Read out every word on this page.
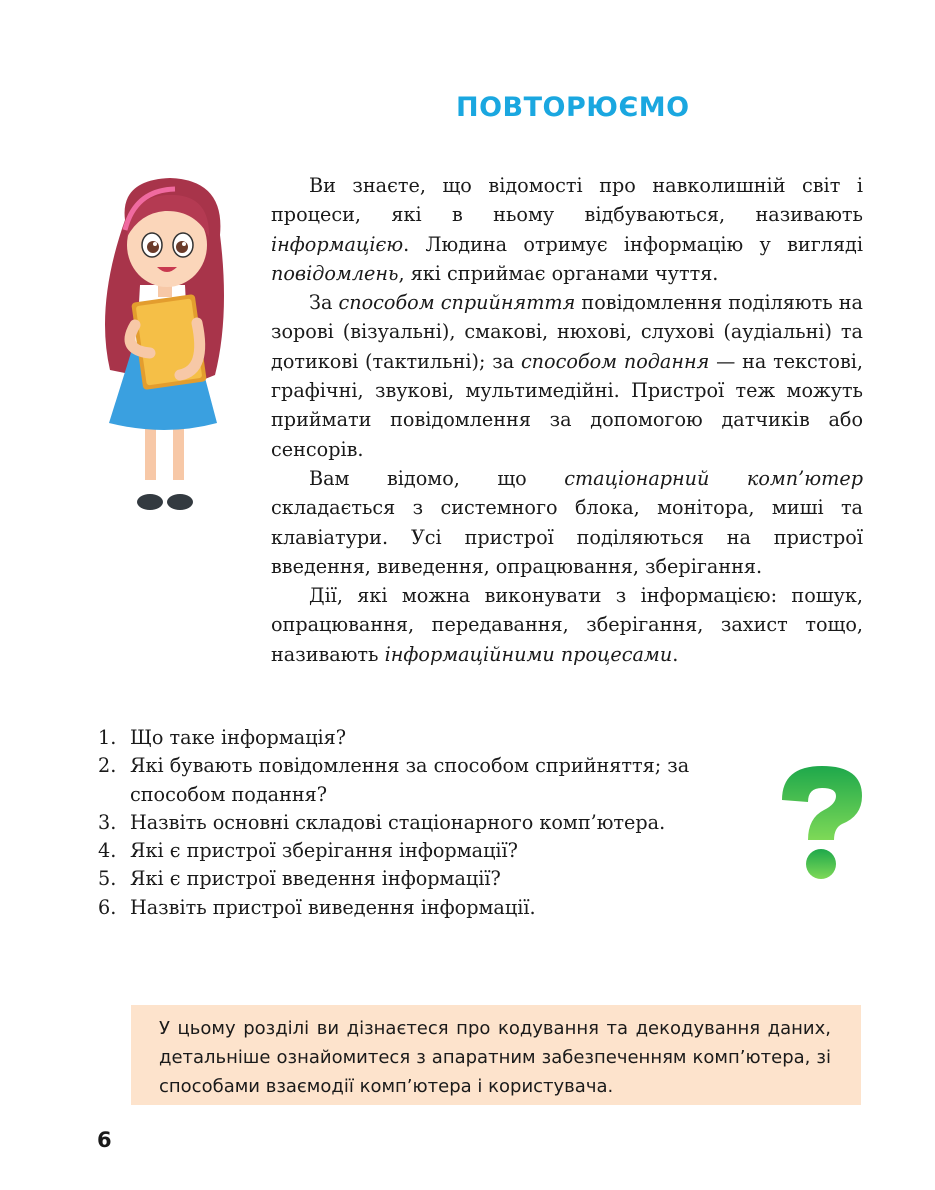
ПОВТОРЮЄМО

Ви знаєте, що відомості про навколишній світ і процеси, які в ньому відбуваються, називають інформацією. Людина отримує інформацію у вигляді повідомлень, які сприймає органами чуття.

За способом сприйняття повідомлення поділяють на зорові (візуальні), смакові, нюхові, слухові (аудіальні) та дотикові (тактильні); за способом подання — на текстові, графічні, звукові, мультимедійні. Пристрої теж можуть приймати повідомлення за допомогою датчиків або сенсорів.

Вам відомо, що стаціонарний комп’ютер складається з системного блока, монітора, миші та клавіатури. Усі пристрої поділяються на пристрої введення, виведення, опрацювання, зберігання.

Дії, які можна виконувати з інформацією: пошук, опрацювання, передавання, зберігання, захист тощо, називають інформаційними процесами.

1. Що таке інформація?
2. Які бувають повідомлення за способом сприйняття; за способом подання?
3. Назвіть основні складові стаціонарного комп’ютера.
4. Які є пристрої зберігання інформації?
5. Які є пристрої введення інформації?
6. Назвіть пристрої виведення інформації.
У цьому розділі ви дізнаєтеся про кодування та декодування даних, детальніше ознайомитеся з апаратним забезпеченням комп’ютера, зі способами взаємодії комп’ютера і користувача.
6
